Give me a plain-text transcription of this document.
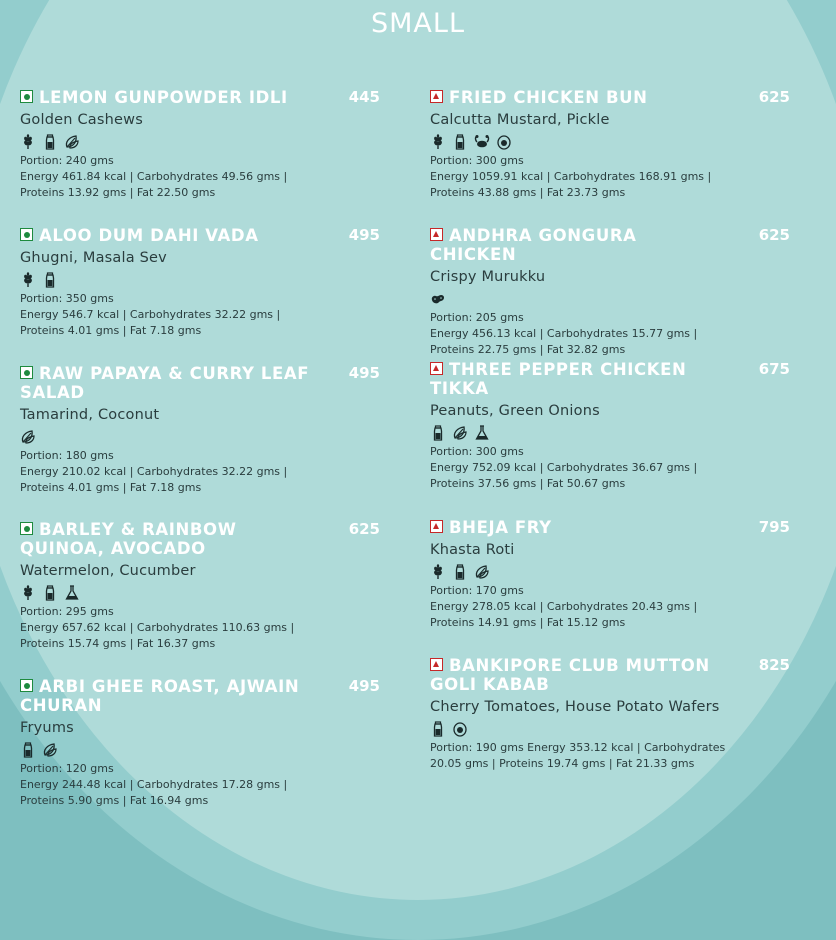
SMALL
LEMON GUNPOWDER IDLI	445
Golden Cashews
Portion: 240 gms
Energy 461.84 kcal | Carbohydrates 49.56 gms | Proteins 13.92 gms | Fat 22.50 gms
ALOO DUM DAHI VADA	495
Ghugni, Masala Sev
Portion: 350 gms
Energy 546.7 kcal | Carbohydrates 32.22 gms | Proteins 4.01 gms | Fat 7.18 gms
RAW PAPAYA & CURRY LEAF SALAD
495
Tamarind, Coconut
Portion: 180 gms
Energy 210.02 kcal | Carbohydrates 32.22 gms | Proteins 4.01 gms | Fat 7.18 gms
BARLEY & RAINBOW QUINOA, AVOCADO
625
Watermelon, Cucumber
Portion: 295 gms
Energy 657.62 kcal | Carbohydrates 110.63 gms | Proteins 15.74 gms | Fat 16.37 gms
ARBI GHEE ROAST, AJWAIN CHURAN
495
Fryums
Portion: 120 gms
Energy 244.48 kcal | Carbohydrates 17.28 gms | Proteins 5.90 gms | Fat 16.94 gms
FRIED CHICKEN BUN	625
Calcutta Mustard, Pickle
Portion: 300 gms
Energy 1059.91 kcal | Carbohydrates 168.91 gms | Proteins 43.88 gms | Fat 23.73 gms
ANDHRA GONGURA CHICKEN
625
Crispy Murukku
Portion: 205 gms
Energy 456.13 kcal | Carbohydrates 15.77 gms | Proteins 22.75 gms | Fat 32.82 gms
THREE PEPPER CHICKEN TIKKA
675
Peanuts, Green Onions
Portion: 300 gms
Energy 752.09 kcal | Carbohydrates 36.67 gms | Proteins 37.56 gms | Fat 50.67 gms
BHEJA FRY	795
Khasta Roti
Portion: 170 gms
Energy 278.05 kcal | Carbohydrates 20.43 gms | Proteins 14.91 gms | Fat 15.12 gms
BANKIPORE CLUB MUTTON GOLI KABAB
825
Cherry Tomatoes, House Potato Wafers
Portion: 190 gms Energy 353.12 kcal | Carbohydrates 20.05 gms | Proteins 19.74 gms | Fat 21.33 gms
